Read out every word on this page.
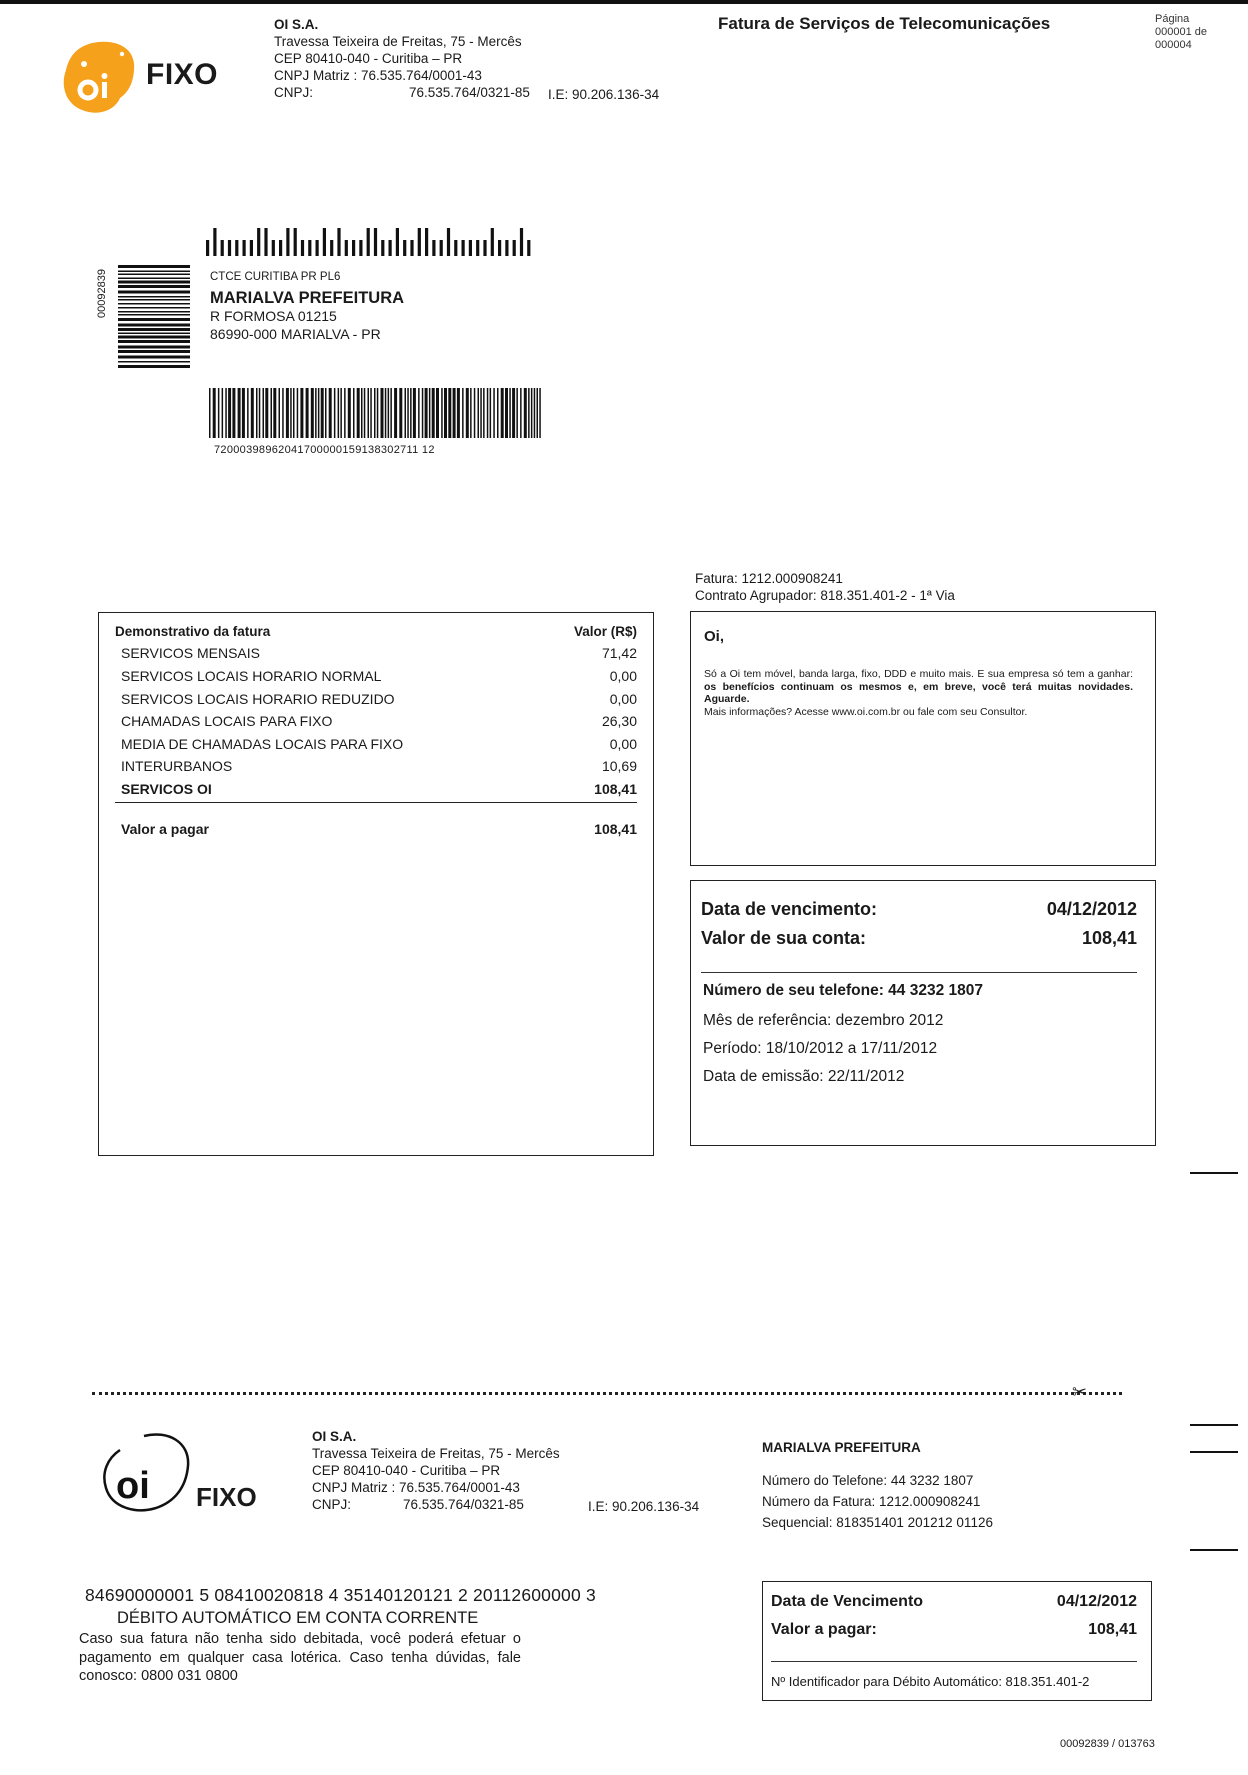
FIXO
OI S.A.
Travessa Teixeira de Freitas, 75 - Mercês
CEP 80410-040 - Curitiba – PR
CNPJ Matriz : 76.535.764/0001-43
CNPJ:	76.535.764/0321-85 I.E: 90.206.136-34
Fatura de Serviços de Telecomunicações	Página
000001 de
000004
00092839	CTCE CURITIBA PR PL6
MARIALVA PREFEITURA
R FORMOSA 01215
86990-000 MARIALVA - PR
72000398962041700000159138302711 12
Fatura: 1212.000908241
Contrato Agrupador: 818.351.401-2 - 1ª Via
Demonstrativo da fatura	Valor (R$)
SERVICOS MENSAIS	71,42
SERVICOS LOCAIS HORARIO NORMAL	0,00
SERVICOS LOCAIS HORARIO REDUZIDO	0,00
CHAMADAS LOCAIS PARA FIXO	26,30
MEDIA DE CHAMADAS LOCAIS PARA FIXO	0,00
INTERURBANOS	10,69
SERVICOS OI	108,41
Valor a pagar	108,41
Oi,
Só a Oi tem móvel, banda larga, fixo, DDD e muito mais. E sua empresa só tem a ganhar: os benefícios continuam os mesmos e, em breve, você terá muitas novidades. Aguarde.
Mais informações? Acesse www.oi.com.br ou fale com seu Consultor.
Data de vencimento:	04/12/2012
Valor de sua conta:	108,41
Número de seu telefone: 44 3232 1807
Mês de referência: dezembro 2012
Período: 18/10/2012 a 17/11/2012
Data de emissão: 22/11/2012
✂
oi FIXO
OI S.A.
Travessa Teixeira de Freitas, 75 - Mercês
CEP 80410-040 - Curitiba – PR
CNPJ Matriz : 76.535.764/0001-43
CNPJ:	76.535.764/0321-85	I.E: 90.206.136-34
MARIALVA PREFEITURA
Número do Telefone: 44 3232 1807
Número da Fatura: 1212.000908241
Sequencial: 818351401 201212 01126
84690000001 5 08410020818 4 35140120121 2 20112600000 3
DÉBITO AUTOMÁTICO EM CONTA CORRENTE
Caso sua fatura não tenha sido debitada, você poderá efetuar o pagamento em qualquer casa lotérica. Caso tenha dúvidas, fale conosco: 0800 031 0800
Data de Vencimento	04/12/2012
Valor a pagar:	108,41
Nº Identificador para Débito Automático: 818.351.401-2
00092839 / 013763
